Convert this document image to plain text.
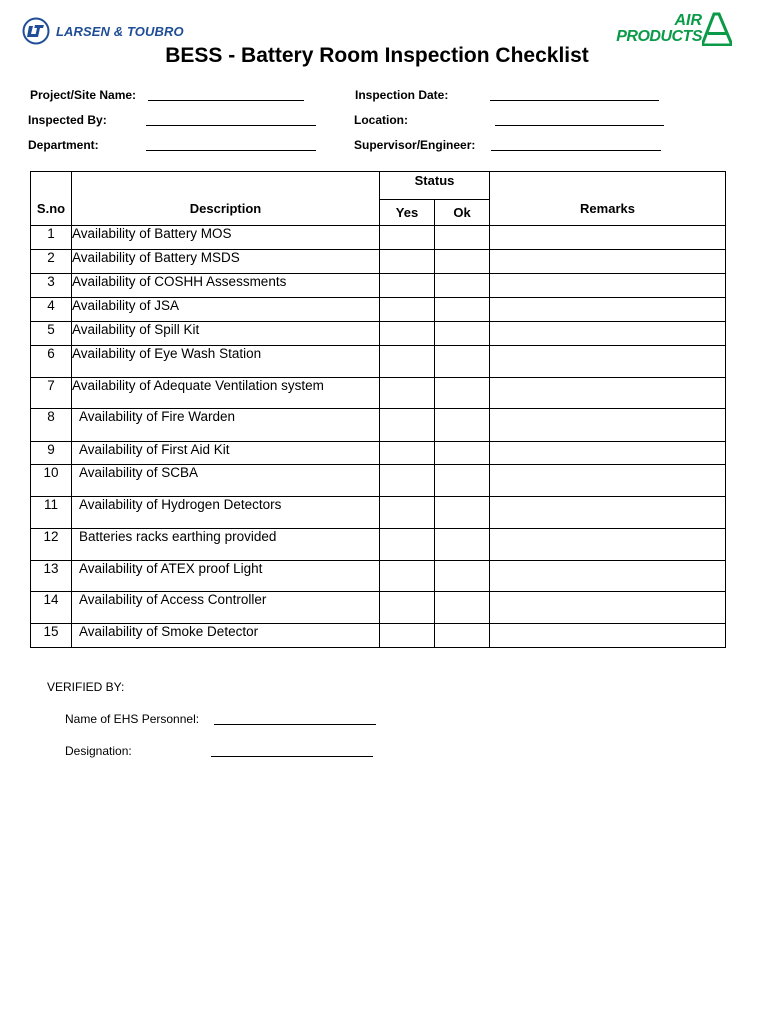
LARSEN & TOUBRO
AIR
PRODUCTS
BESS - Battery Room Inspection Checklist
Project/Site Name:	Inspection Date:
Inspected By:	Location:
Department:	Supervisor/Engineer:
S.no	Description	Status		Remarks
		Yes	Ok	
1	Availability of Battery MOS			
2	Availability of Battery MSDS			
3	Availability of COSHH Assessments			
4	Availability of JSA			
5	Availability of Spill Kit			
6	Availability of Eye Wash Station			
7	Availability of Adequate Ventilation system			
8	Availability of Fire Warden			
9	Availability of First Aid Kit			
10	Availability of SCBA			
11	Availability of Hydrogen Detectors			
12	Batteries racks earthing provided			
13	Availability of ATEX proof Light			
14	Availability of Access Controller			
15	Availability of Smoke Detector			
VERIFIED BY:
Name of EHS Personnel:
Designation:
